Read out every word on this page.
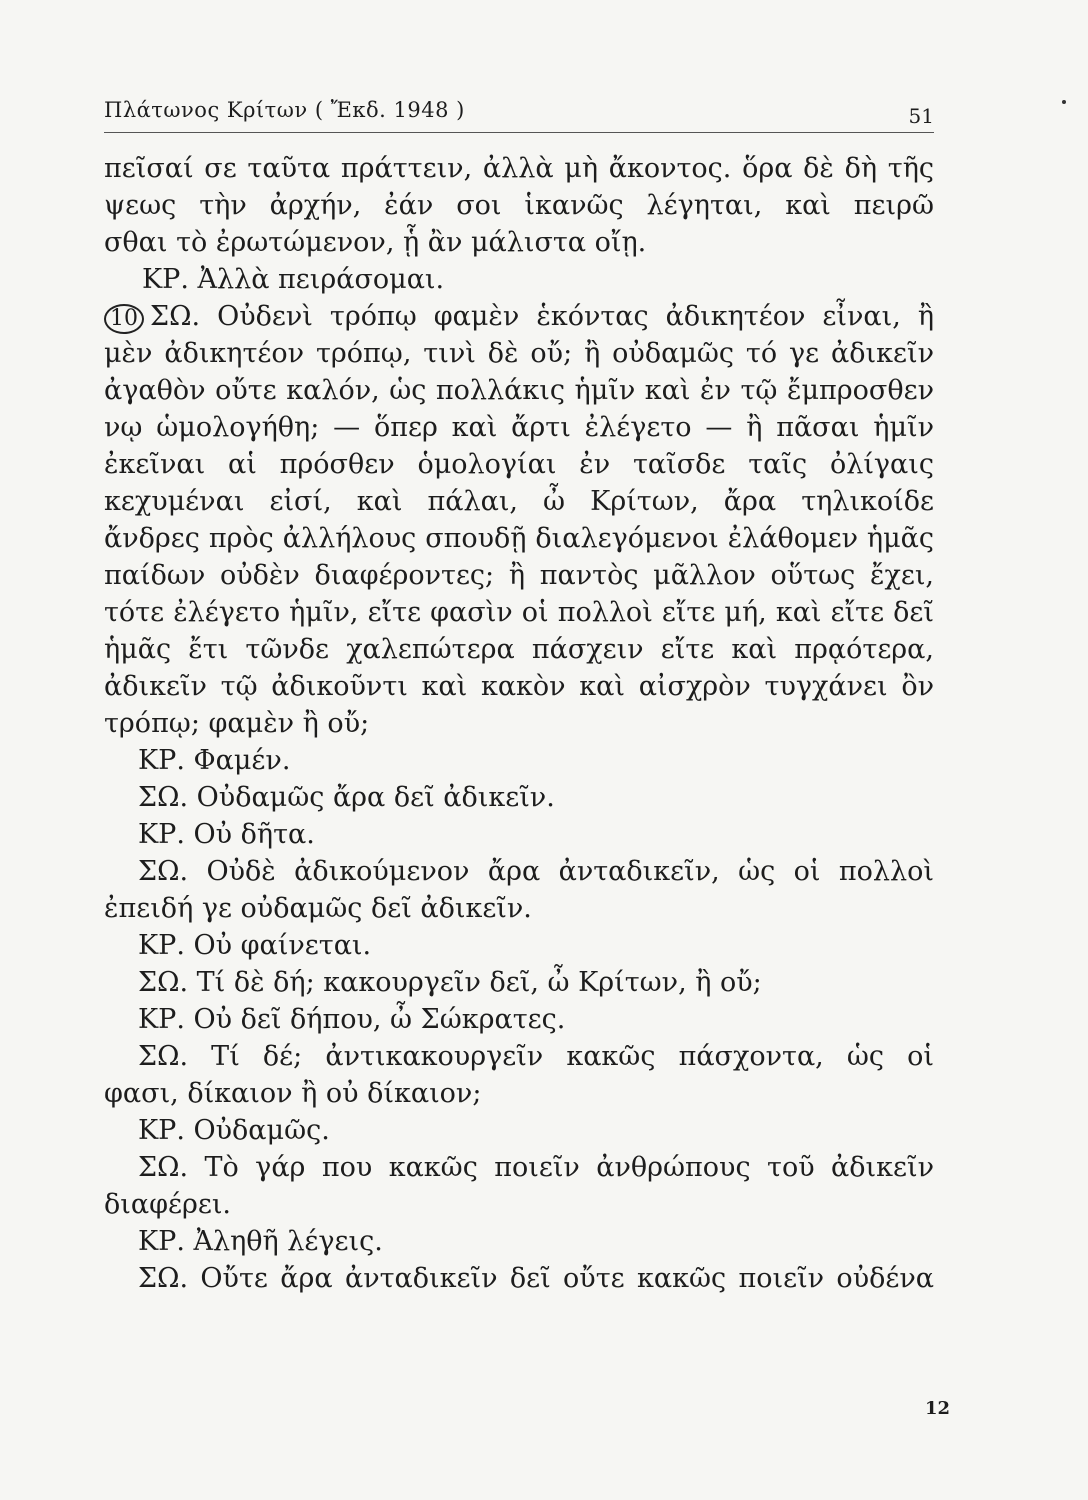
Πλάτωνος Κρίτων ( Ἔκδ. 1948 )	51
πεῖσαί σε ταῦτα πράττειν, ἀλλὰ μὴ ἄκοντος. ὅρα δὲ δὴ τῆς
ψεως τὴν ἀρχήν, ἐάν σοι ἱκανῶς λέγηται, καὶ πειρῶ
σθαι τὸ ἐρωτώμενον, ᾗ ἂν μάλιστα οἴῃ.
ΚΡ. Ἀλλὰ πειράσομαι.
10 ΣΩ. Οὐδενὶ τρόπῳ φαμὲν ἑκόντας ἀδικητέον εἶναι, ἢ
μὲν ἀδικητέον τρόπῳ, τινὶ δὲ οὔ; ἢ οὐδαμῶς τό γε ἀδικεῖν
ἀγαθὸν οὔτε καλόν, ὡς πολλάκις ἡμῖν καὶ ἐν τῷ ἔμπροσθεν
νῳ ὡμολογήθη; — ὅπερ καὶ ἄρτι ἐλέγετο — ἢ πᾶσαι ἡμῖν
ἐκεῖναι αἱ πρόσθεν ὁμολογίαι ἐν ταῖσδε ταῖς ὀλίγαις
κεχυμέναι εἰσί, καὶ πάλαι, ὦ Κρίτων, ἄρα τηλικοίδε
ἄνδρες πρὸς ἀλλήλους σπουδῇ διαλεγόμενοι ἐλάθομεν ἡμᾶς
παίδων οὐδὲν διαφέροντες; ἢ παντὸς μᾶλλον οὕτως ἔχει,
τότε ἐλέγετο ἡμῖν, εἴτε φασὶν οἱ πολλοὶ εἴτε μή, καὶ εἴτε δεῖ
ἡμᾶς ἔτι τῶνδε χαλεπώτερα πάσχειν εἴτε καὶ πρᾳότερα,
ἀδικεῖν τῷ ἀδικοῦντι καὶ κακὸν καὶ αἰσχρὸν τυγχάνει ὂν
τρόπῳ; φαμὲν ἢ οὔ;
ΚΡ. Φαμέν.
ΣΩ. Οὐδαμῶς ἄρα δεῖ ἀδικεῖν.
ΚΡ. Οὐ δῆτα.
ΣΩ. Οὐδὲ ἀδικούμενον ἄρα ἀνταδικεῖν, ὡς οἱ πολλοὶ
ἐπειδή γε οὐδαμῶς δεῖ ἀδικεῖν.
ΚΡ. Οὐ φαίνεται.
ΣΩ. Τί δὲ δή; κακουργεῖν δεῖ, ὦ Κρίτων, ἢ οὔ;
ΚΡ. Οὐ δεῖ δήπου, ὦ Σώκρατες.
ΣΩ. Τί δέ; ἀντικακουργεῖν κακῶς πάσχοντα, ὡς οἱ
φασι, δίκαιον ἢ οὐ δίκαιον;
ΚΡ. Οὐδαμῶς.
ΣΩ. Τὸ γάρ που κακῶς ποιεῖν ἀνθρώπους τοῦ ἀδικεῖν
διαφέρει.
ΚΡ. Ἀληθῆ λέγεις.
ΣΩ. Οὔτε ἄρα ἀνταδικεῖν δεῖ οὔτε κακῶς ποιεῖν οὐδένα
12
